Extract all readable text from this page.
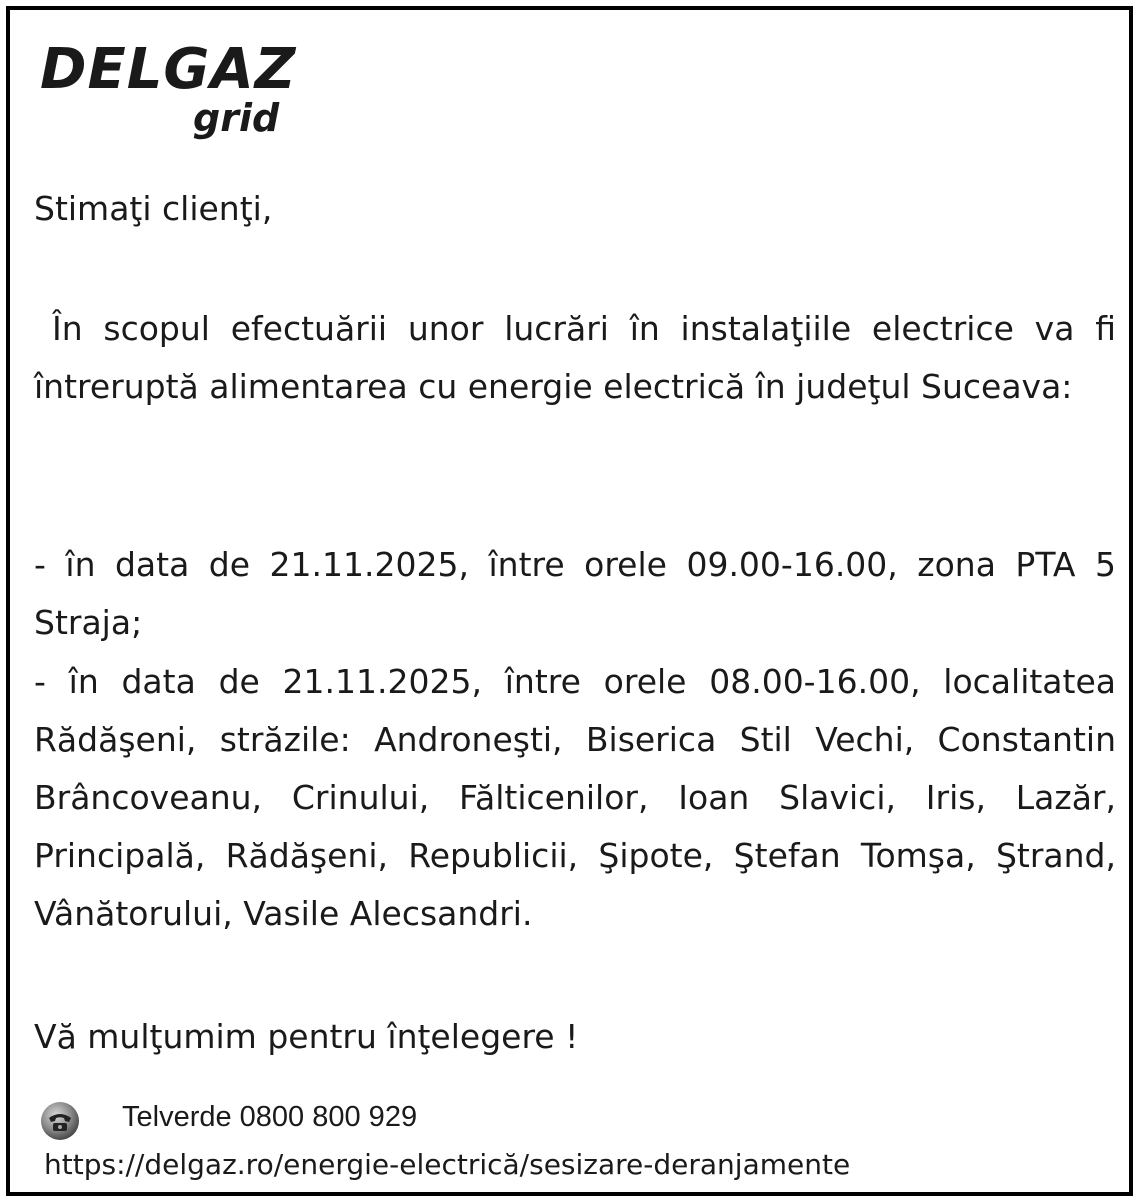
DELGAZ
grid

Stimaţi clienţi,

În scopul efectuării unor lucrări în instalaţiile electrice va fi întreruptă alimentarea cu energie electrică în judeţul Suceava:

- în data de 21.11.2025, între orele 09.00-16.00, zona PTA 5 Straja;

- în data de 21.11.2025, între orele 08.00-16.00, localitatea Rădăşeni, străzile: Androneşti, Biserica Stil Vechi, Constantin Brâncoveanu, Crinului, Fălticenilor, Ioan Slavici, Iris, Lazăr, Principală, Rădăşeni, Republicii, Şipote, Ştefan Tomşa, Ştrand, Vânătorului, Vasile Alecsandri.

Vă mulţumim pentru înţelegere !

Telverde 0800 800 929
https://delgaz.ro/energie-electrică/sesizare-deranjamente
